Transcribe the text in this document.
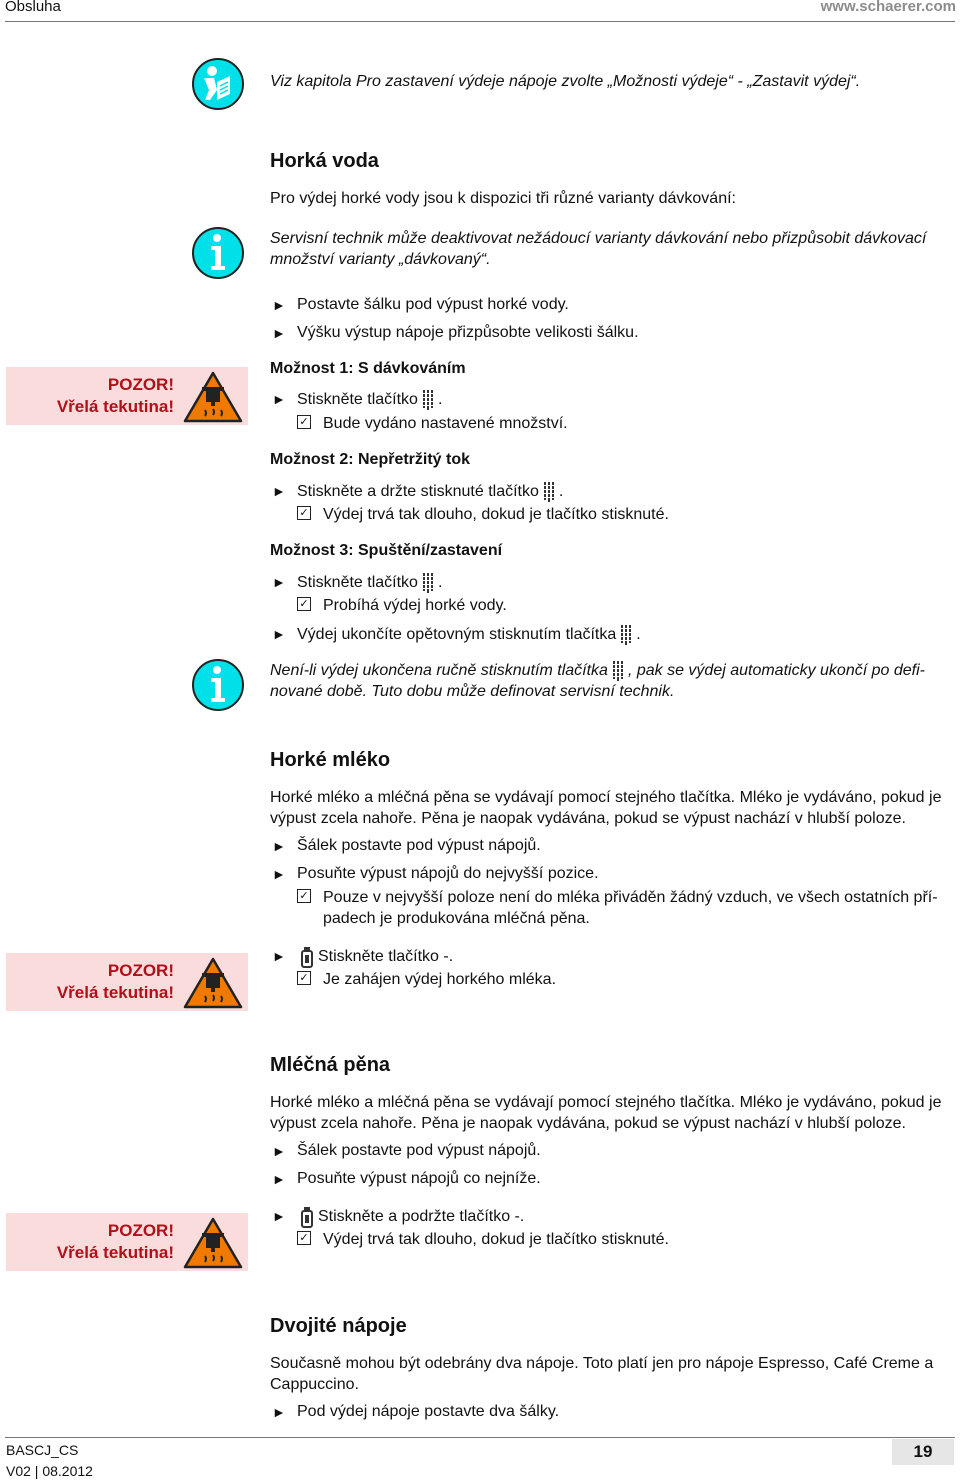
Obsluha	www.schaerer.com
Viz kapitola Pro zastavení výdeje nápoje zvolte „Možnosti výdeje“ - „Zastavit výdej“.
Horká voda
Pro výdej horké vody jsou k dispozici tři různé varianty dávkování:
Servisní technik může deaktivovat nežádoucí varianty dávkování nebo přizpůsobit dávkovací množství varianty „dávkovaný“.
► Postavte šálku pod výpust horké vody.
► Výšku výstup nápoje přizpůsobte velikosti šálku.
POZOR!
Vřelá tekutina!
Možnost 1: S dávkováním
► Stiskněte tlačítko .
✓ Bude vydáno nastavené množství.
Možnost 2: Nepřetržitý tok
► Stiskněte a držte stisknuté tlačítko .
✓ Výdej trvá tak dlouho, dokud je tlačítko stisknuté.
Možnost 3: Spuštění/zastavení
► Stiskněte tlačítko .
✓ Probíhá výdej horké vody.
► Výdej ukončíte opětovným stisknutím tlačítka .
Není-li výdej ukončena ručně stisknutím tlačítka , pak se výdej automaticky ukončí po defi-
nované době. Tuto dobu může definovat servisní technik.
Horké mléko
Horké mléko a mléčná pěna se vydávají pomocí stejného tlačítka. Mléko je vydáváno, pokud je výpust zcela nahoře. Pěna je naopak vydávána, pokud se výpust nachází v hlubší poloze.
► Šálek postavte pod výpust nápojů.
► Posuňte výpust nápojů do nejvyšší pozice.
✓ Pouze v nejvyšší poloze není do mléka přiváděn žádný vzduch, ve všech ostatních pří-padech je produkována mléčná pěna.
POZOR!
Vřelá tekutina!
►	Stiskněte tlačítko -.
✓ Je zahájen výdej horkého mléka.
Mléčná pěna
Horké mléko a mléčná pěna se vydávají pomocí stejného tlačítka. Mléko je vydáváno, pokud je výpust zcela nahoře. Pěna je naopak vydávána, pokud se výpust nachází v hlubší poloze.
► Šálek postavte pod výpust nápojů.
► Posuňte výpust nápojů co nejníže.
POZOR!
Vřelá tekutina!
►	Stiskněte a podržte tlačítko -.
✓ Výdej trvá tak dlouho, dokud je tlačítko stisknuté.
Dvojité nápoje
Současně mohou být odebrány dva nápoje. Toto platí jen pro nápoje Espresso, Café Creme a Cappuccino.
► Pod výdej nápoje postavte dva šálky.
BASCJ_CS
V02 | 08.2012
19
